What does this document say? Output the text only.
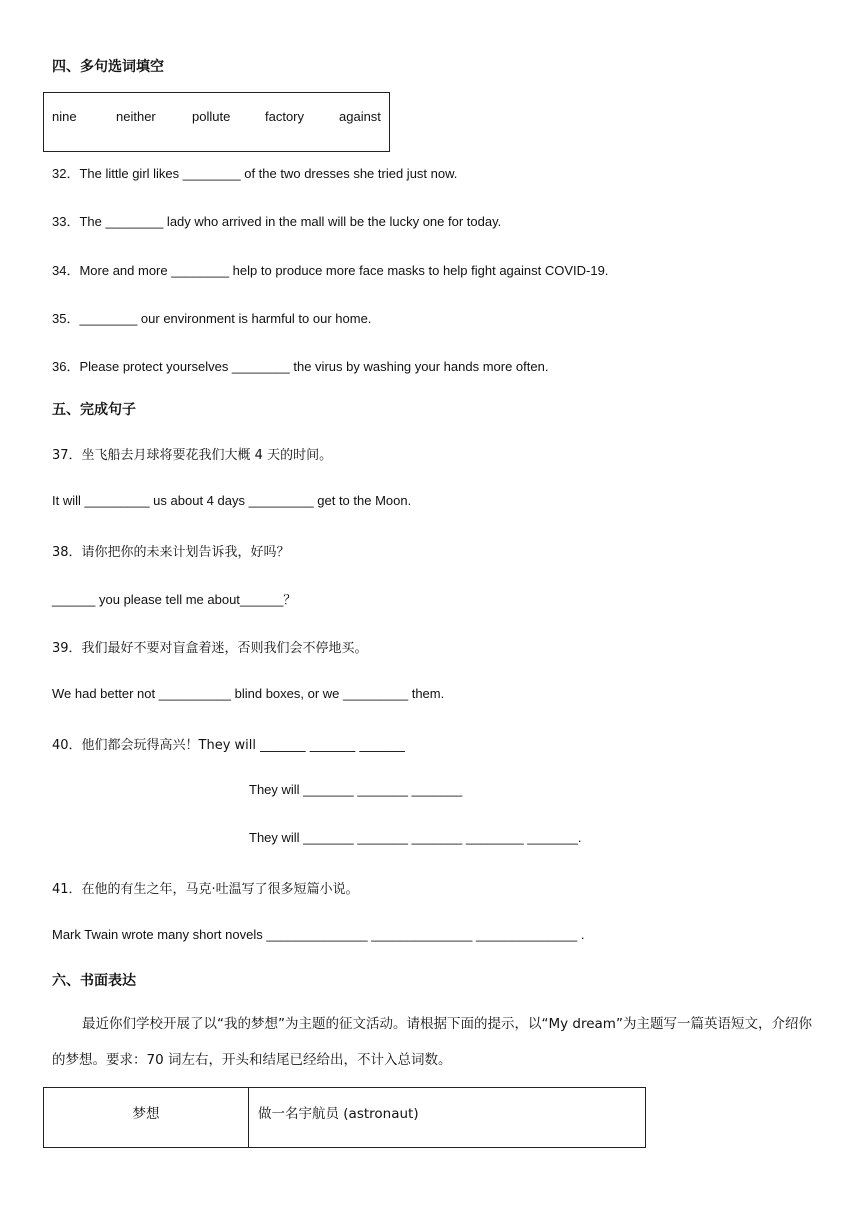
四、多句选词填空
nine	neither	pollute	factory	against
32．The little girl likes ________ of the two dresses she tried just now.
33．The ________ lady who arrived in the mall will be the lucky one for today.
34．More and more ________ help to produce more face masks to help fight against COVID-19.
35．________ our environment is harmful to our home.
36．Please protect yourselves ________ the virus by washing your hands more often.
五、完成句子
37．坐飞船去月球将要花我们大概 4 天的时间。
It will _________ us about 4 days _________ get to the Moon.
38．请你把你的未来计划告诉我，好吗？
______ you please tell me about______？
39．我们最好不要对盲盒着迷，否则我们会不停地买。
We had better not __________ blind boxes, or we _________ them.
40．他们都会玩得高兴！They will _______ _______ _______
They will _______ _______ _______
They will _______ _______ _______ ________ _______.
41．在他的有生之年，马克·吐温写了很多短篇小说。
Mark Twain wrote many short novels ______________ ______________ ______________ .
六、书面表达
最近你们学校开展了以“我的梦想”为主题的征文活动。请根据下面的提示，以“My dream”为主题写一篇英语短文，介绍你的梦想。要求：70 词左右，开头和结尾已经给出，不计入总词数。
梦想	做一名宇航员 (astronaut)
